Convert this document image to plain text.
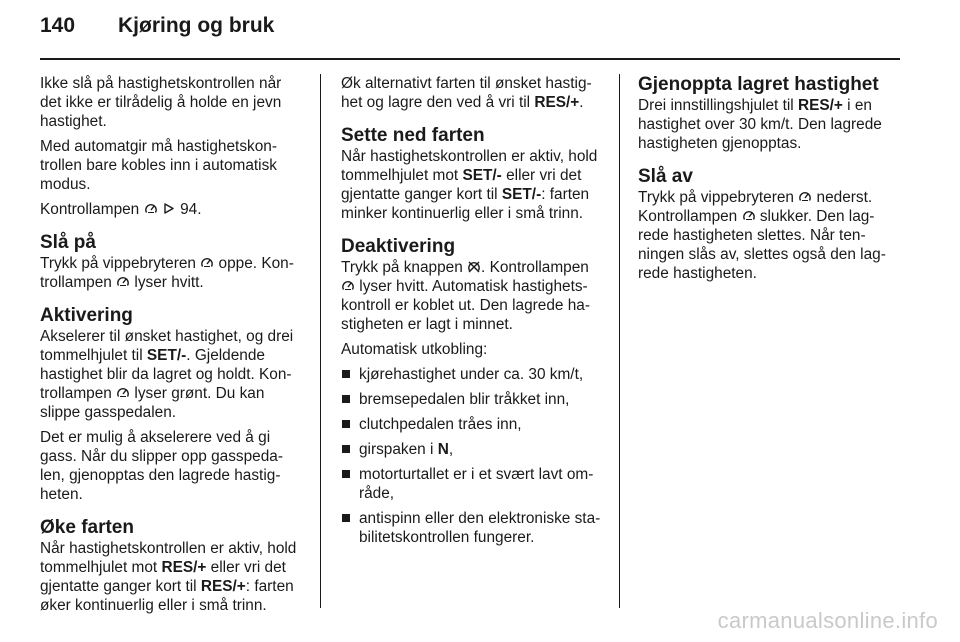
140 Kjøring og bruk

Ikke slå på hastighetskontrollen når det ikke er tilrådelig å holde en jevn hastighet.

Med automatgir må hastighetskon-trollen bare kobles inn i automatisk modus.

Kontrollampen
	94.

Slå på

Trykk på vippebryteren oppe. Kon-trollampen lyser hvitt.

Aktivering

Akselerer til ønsket hastighet, og drei tommelhjulet til SET/-. Gjeldende hastighet blir da lagret og holdt. Kon-trollampen lyser grønt. Du kan slippe gasspedalen.

Det er mulig å akselerere ved å gi gass. Når du slipper opp gasspeda-len, gjenopptas den lagrede hastig-heten.

Øke farten

Når hastighetskontrollen er aktiv, hold tommelhjulet mot RES/+ eller vri det gjentatte ganger kort til RES/+: farten øker kontinuerlig eller i små trinn.

Øk alternativt farten til ønsket hastig-het og lagre den ved å vri til RES/+.

Sette ned farten

Når hastighetskontrollen er aktiv, hold tommelhjulet mot SET/- eller vri det gjentatte ganger kort til SET/-: farten minker kontinuerlig eller i små trinn.

Deaktivering

Trykk på knappen . Kontrollampen
lyser hvitt. Automatisk hastighets-kontroll er koblet ut. Den lagrede ha-stigheten er lagt i minnet.

Automatisk utkobling:

kjørehastighet under ca. 30 km/t,
bremsepedalen blir tråkket inn,
clutchpedalen tråes inn,
girspaken i N,
motorturtallet er i et svært lavt om-råde,
antispinn eller den elektroniske sta-bilitetskontrollen fungerer.
Gjenoppta lagret hastighet

Drei innstillingshjulet til RES/+ i en hastighet over 30 km/t. Den lagrede hastigheten gjenopptas.

Slå av

Trykk på vippebryteren nederst. Kontrollampen slukker. Den lag-rede hastigheten slettes. Når ten-ningen slås av, slettes også den lag-rede hastigheten.

carmanualsonline.info
